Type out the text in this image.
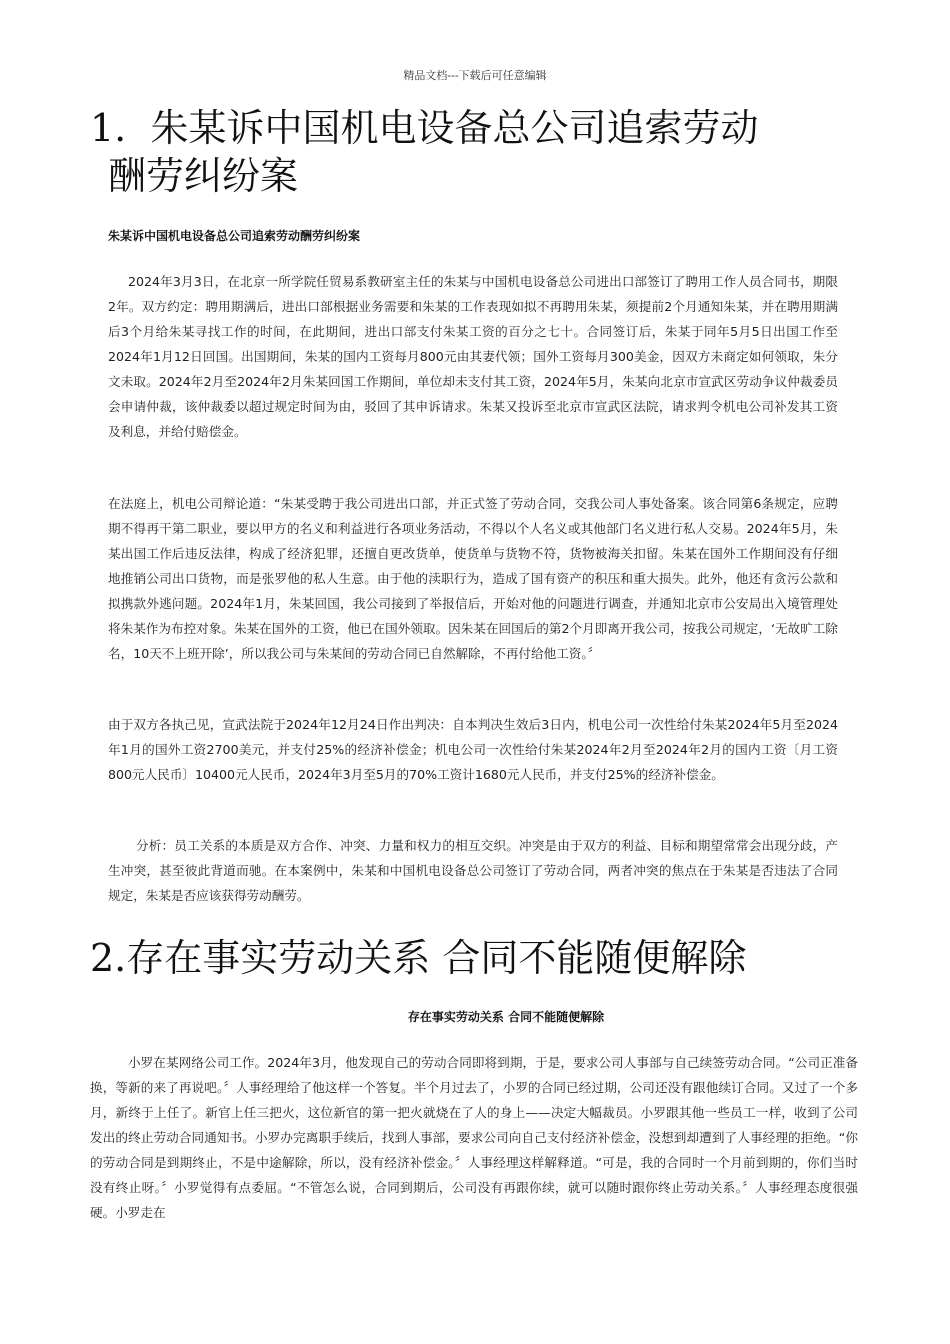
精品文档---下载后可任意编辑
1. 朱某诉中国机电设备总公司追索劳动
酬劳纠纷案

朱某诉中国机电设备总公司追索劳动酬劳纠纷案

2024年3月3日，在北京一所学院任贸易系教研室主任的朱某与中国机电设备总公司进出口部签订了聘用工作人员合同书，期限2年。双方约定：聘用期满后，进出口部根据业务需要和朱某的工作表现如拟不再聘用朱某，须提前2个月通知朱某，并在聘用期满后3个月给朱某寻找工作的时间，在此期间，进出口部支付朱某工资的百分之七十。合同签订后，朱某于同年5月5日出国工作至2024年1月12日回国。出国期间，朱某的国内工资每月800元由其妻代领；国外工资每月300美金，因双方未商定如何领取，朱分文未取。2024年2月至2024年2月朱某回国工作期间，单位却未支付其工资，2024年5月，朱某向北京市宣武区劳动争议仲裁委员会申请仲裁，该仲裁委以超过规定时间为由，驳回了其申诉请求。朱某又投诉至北京市宣武区法院，请求判令机电公司补发其工资及利息，并给付赔偿金。

在法庭上，机电公司辩论道：“朱某受聘于我公司进出口部，并正式签了劳动合同，交我公司人事处备案。该合同第6条规定，应聘期不得再干第二职业，要以甲方的名义和利益进行各项业务活动，不得以个人名义或其他部门名义进行私人交易。2024年5月，朱某出国工作后违反法律，构成了经济犯罪，还擅自更改货单，使货单与货物不符，货物被海关扣留。朱某在国外工作期间没有仔细地推销公司出口货物，而是张罗他的私人生意。由于他的渎职行为，造成了国有资产的积压和重大损失。此外，他还有贪污公款和拟携款外逃问题。2024年1月，朱某回国，我公司接到了举报信后，开始对他的问题进行调查，并通知北京市公安局出入境管理处将朱某作为布控对象。朱某在国外的工资，他已在国外领取。因朱某在回国后的第2个月即离开我公司，按我公司规定，‘无故旷工除名，10天不上班开除’，所以我公司与朱某间的劳动合同已自然解除，不再付给他工资。〞

由于双方各执己见，宣武法院于2024年12月24日作出判决：自本判决生效后3日内，机电公司一次性给付朱某2024年5月至2024年1月的国外工资2700美元，并支付25%的经济补偿金；机电公司一次性给付朱某2024年2月至2024年2月的国内工资〔月工资800元人民币〕10400元人民币，2024年3月至5月的70%工资计1680元人民币，并支付25%的经济补偿金。

分析：员工关系的本质是双方合作、冲突、力量和权力的相互交织。冲突是由于双方的利益、目标和期望常常会出现分歧，产生冲突，甚至彼此背道而驰。在本案例中，朱某和中国机电设备总公司签订了劳动合同，两者冲突的焦点在于朱某是否违法了合同规定，朱某是否应该获得劳动酬劳。

2.存在事实劳动关系 合同不能随便解除

存在事实劳动关系 合同不能随便解除

小罗在某网络公司工作。2024年3月，他发现自己的劳动合同即将到期，于是，要求公司人事部与自己续签劳动合同。“公司正准备换，等新的来了再说吧。〞人事经理给了他这样一个答复。半个月过去了，小罗的合同已经过期，公司还没有跟他续订合同。又过了一个多月，新终于上任了。新官上任三把火，这位新官的第一把火就烧在了人的身上——决定大幅裁员。小罗跟其他一些员工一样，收到了公司发出的终止劳动合同通知书。小罗办完离职手续后，找到人事部，要求公司向自己支付经济补偿金，没想到却遭到了人事经理的拒绝。“你的劳动合同是到期终止，不是中途解除，所以，没有经济补偿金。〞人事经理这样解释道。“可是，我的合同时一个月前到期的，你们当时没有终止呀。〞小罗觉得有点委屈。“不管怎么说，合同到期后，公司没有再跟你续，就可以随时跟你终止劳动关系。〞人事经理态度很强硬。小罗走在
